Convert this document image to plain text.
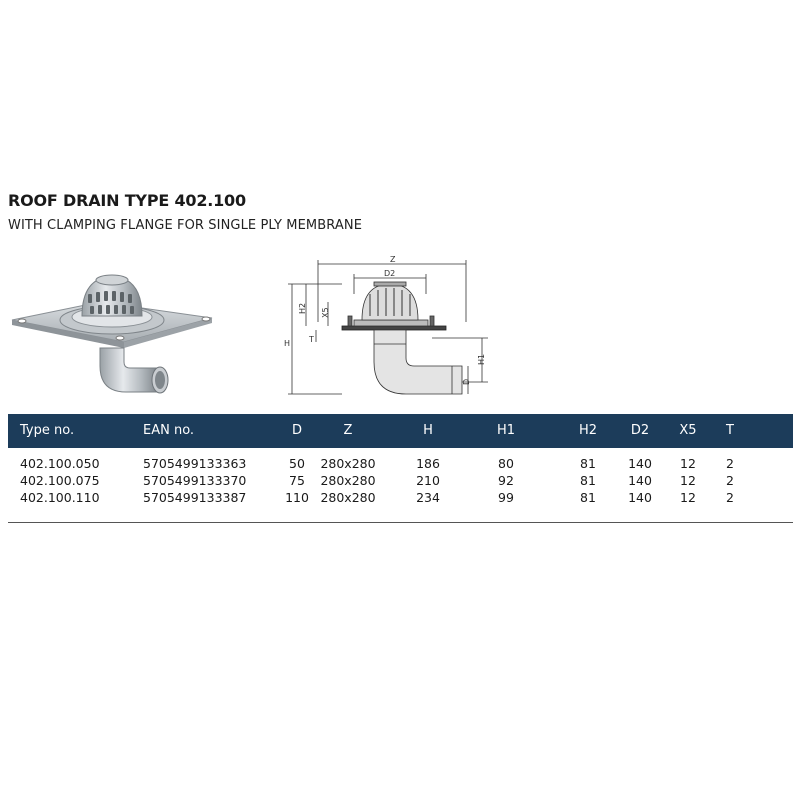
ROOF DRAIN TYPE 402.100
WITH CLAMPING FLANGE FOR SINGLE PLY MEMBRANE
Z
D2
H
H2 X5
T
H1
D
Type no.	EAN no.	D	Z	H	H1	H2	D2	X5	T
402.100.050	5705499133363	50	280x280	186	80	81	140	12	2
402.100.075	5705499133370	75	280x280	210	92	81	140	12	2
402.100.110	5705499133387	110 280x280	234	99	81	140	12	2
